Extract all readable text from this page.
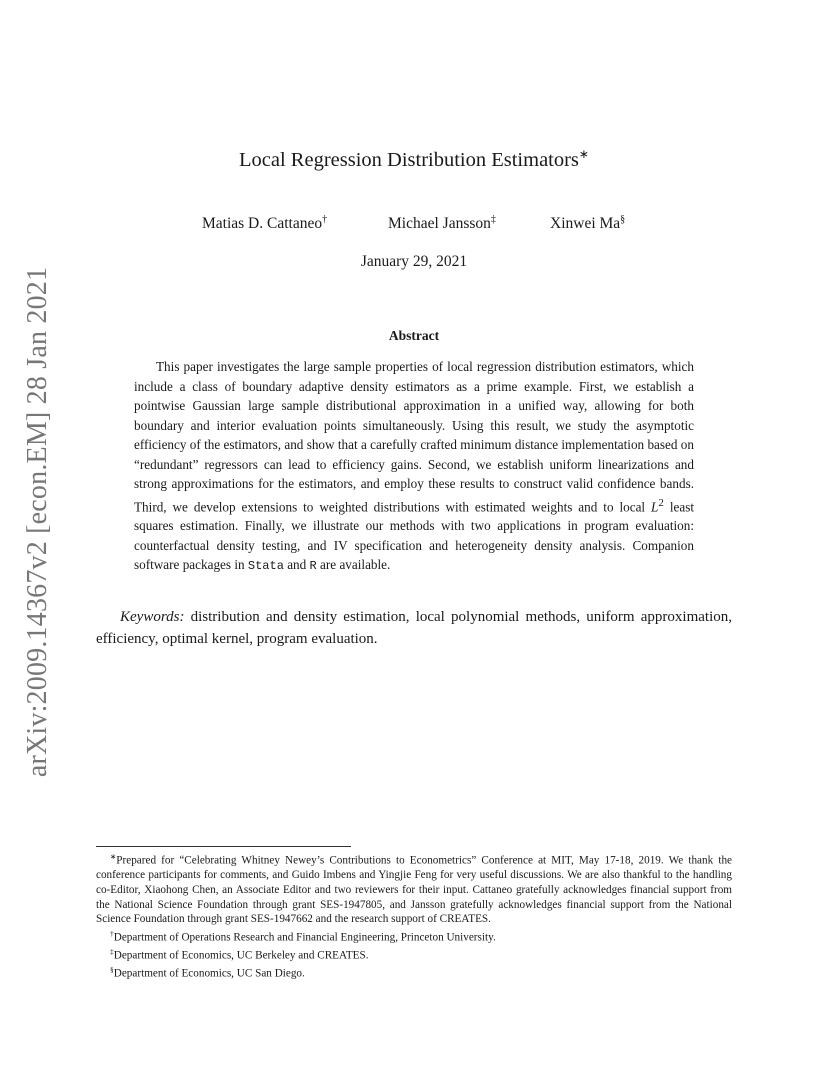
arXiv:2009.14367v2 [econ.EM] 28 Jan 2021
Local Regression Distribution Estimators∗
Matias D. Cattaneo†	Michael Jansson‡	Xinwei Ma§
January 29, 2021
Abstract

This paper investigates the large sample properties of local regression distribution estimators, which include a class of boundary adaptive density estimators as a prime example. First, we establish a pointwise Gaussian large sample distributional approximation in a unified way, allowing for both boundary and interior evaluation points simultaneously. Using this result, we study the asymptotic efficiency of the estimators, and show that a carefully crafted minimum distance implementation based on “redundant” regressors can lead to efficiency gains. Second, we establish uniform linearizations and strong approximations for the estimators, and employ these results to construct valid confidence bands. Third, we develop extensions to weighted distributions with estimated weights and to local $L^2$ least squares estimation. Finally, we illustrate our methods with two applications in program evaluation: counterfactual density testing, and IV specification and heterogeneity density analysis. Companion software packages in Stata and R are available.

Keywords: distribution and density estimation, local polynomial methods, uniform approximation, efficiency, optimal kernel, program evaluation.

∗Prepared for “Celebrating Whitney Newey’s Contributions to Econometrics” Conference at MIT, May 17-18, 2019. We thank the conference participants for comments, and Guido Imbens and Yingjie Feng for very useful discussions. We are also thankful to the handling co-Editor, Xiaohong Chen, an Associate Editor and two reviewers for their input. Cattaneo gratefully acknowledges financial support from the National Science Foundation through grant SES-1947805, and Jansson gratefully acknowledges financial support from the National Science Foundation through grant SES-1947662 and the research support of CREATES.

†Department of Operations Research and Financial Engineering, Princeton University.

‡Department of Economics, UC Berkeley and CREATES.

§Department of Economics, UC San Diego.
